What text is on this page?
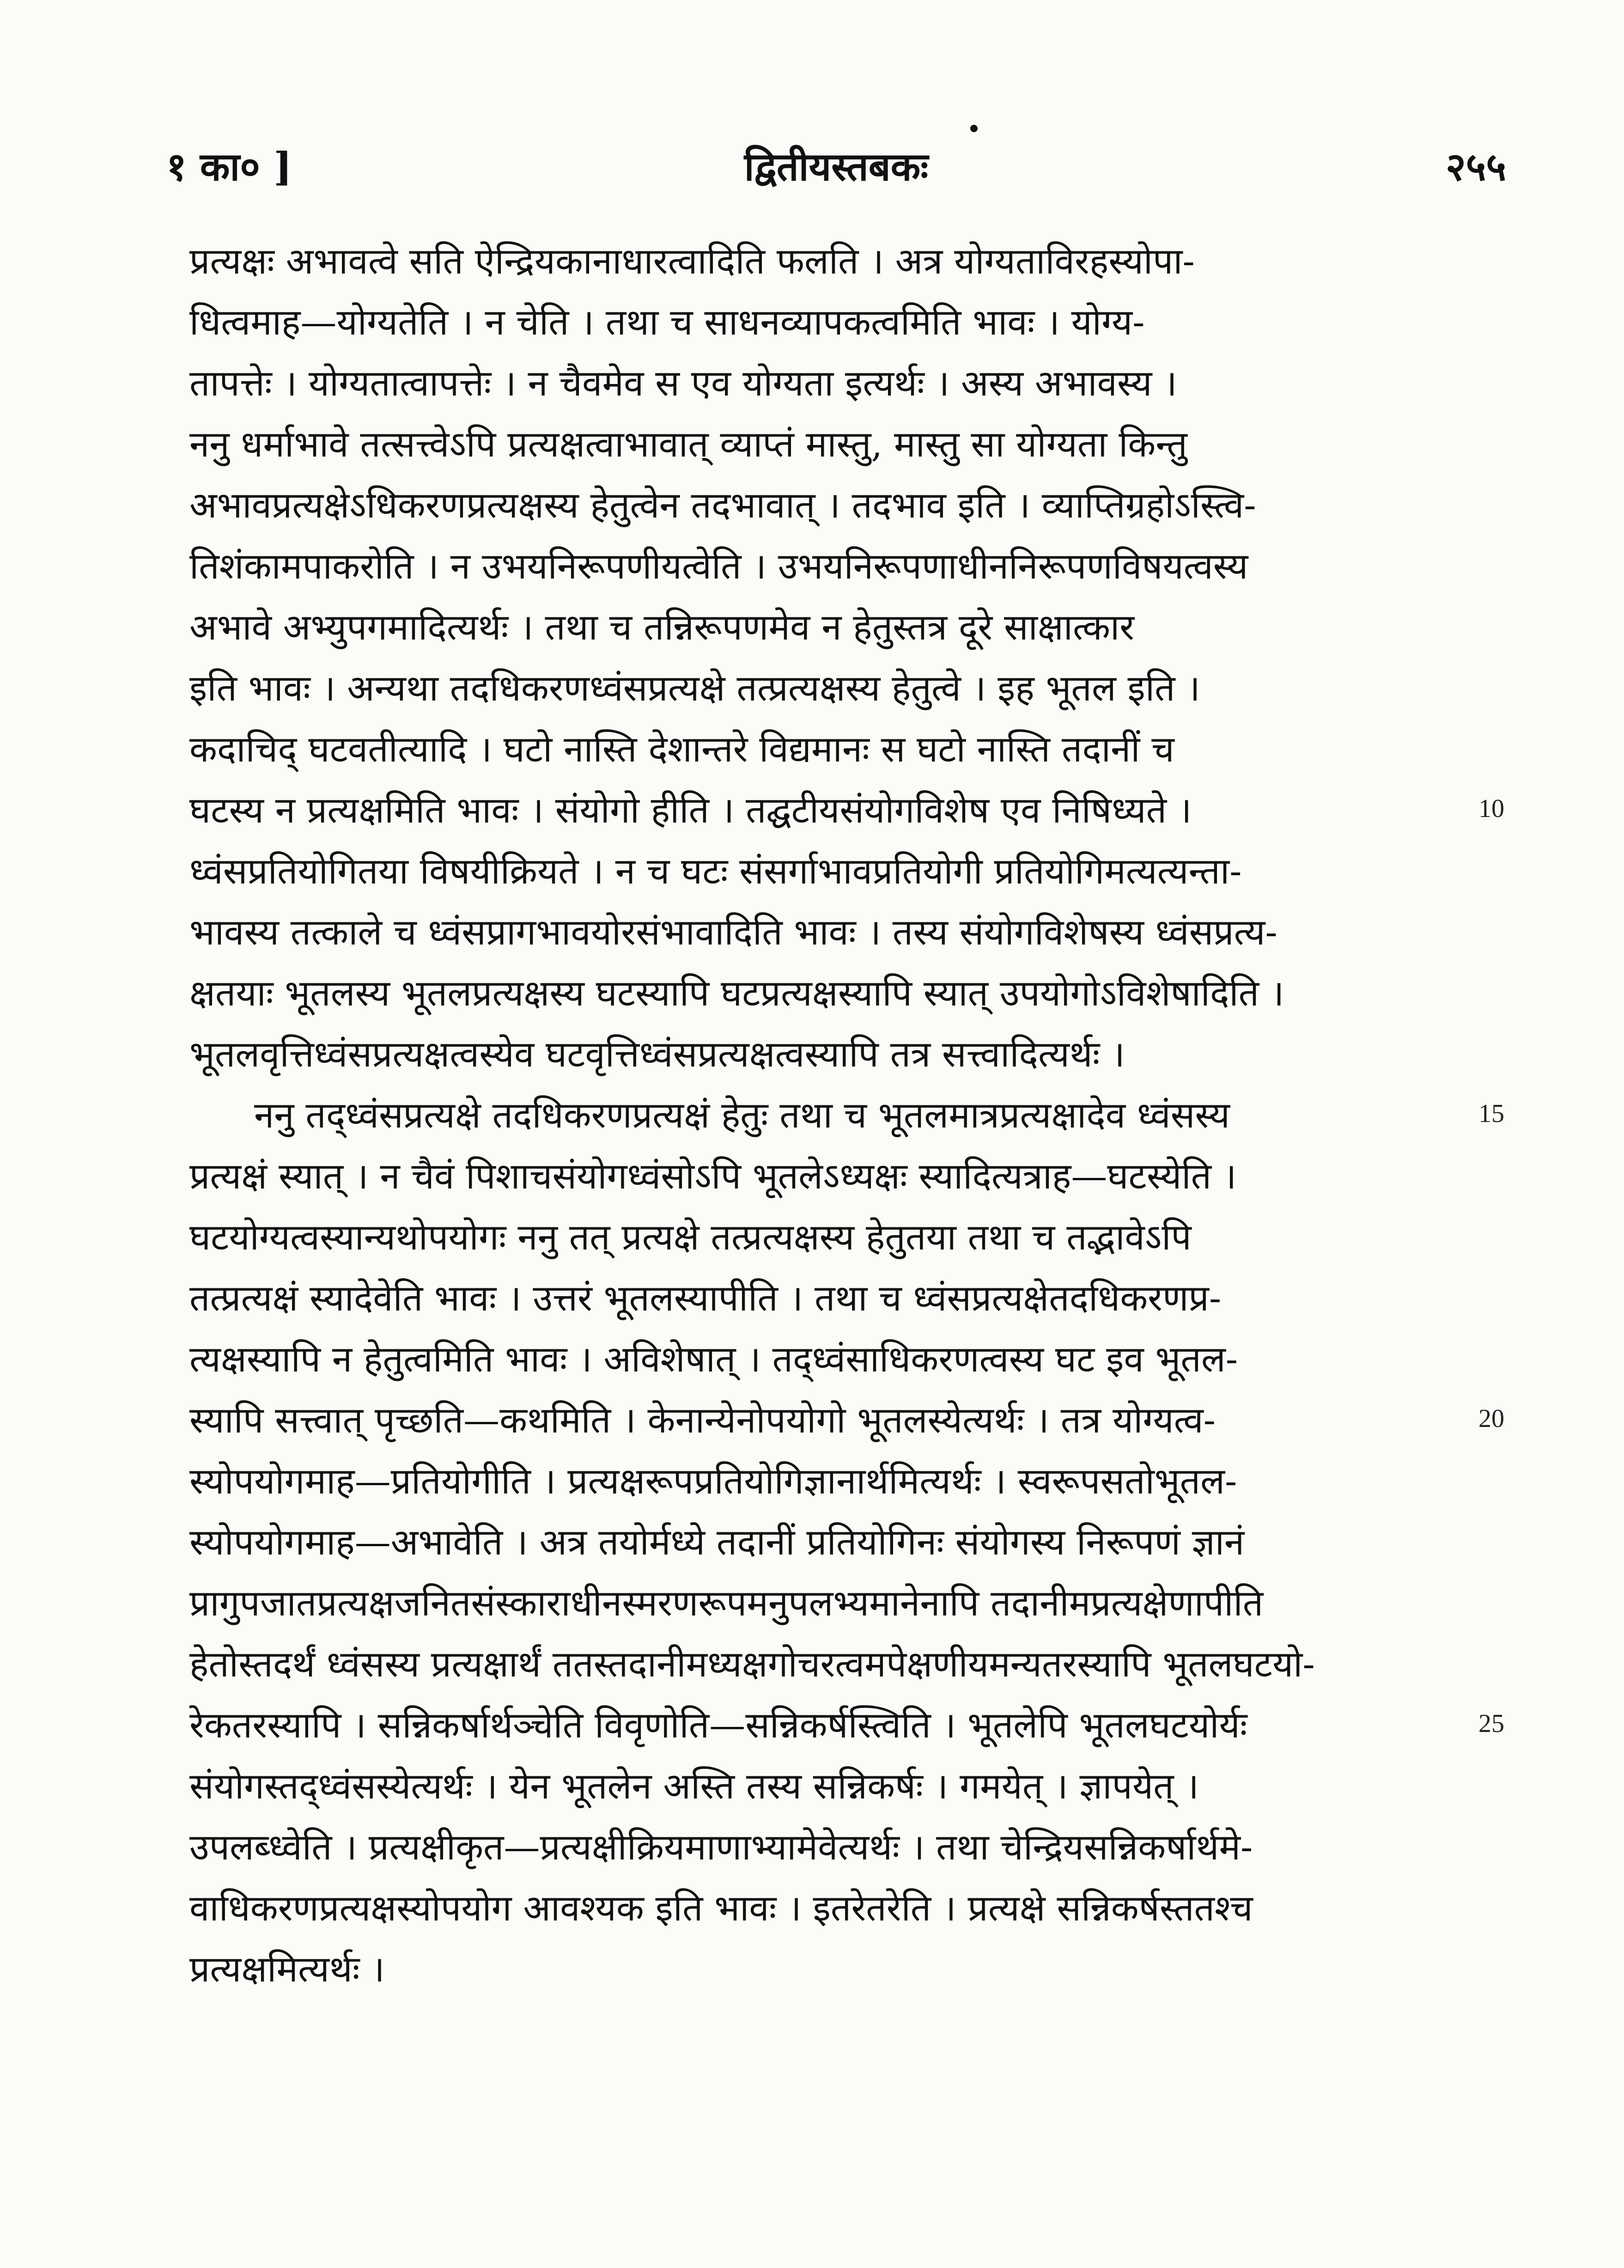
१ का० ]	द्वितीयस्तबकः	२५५
प्रत्यक्षः अभावत्वे सति ऐन्द्रियकानाधारत्वादिति फलति । अत्र योग्यताविरहस्योपा-
धित्वमाह—योग्यतेति । न चेति । तथा च साधनव्यापकत्वमिति भावः । योग्य-
तापत्तेः । योग्यतात्वापत्तेः । न चैवमेव स एव योग्यता इत्यर्थः । अस्य अभावस्य ।
ननु धर्माभावे तत्सत्त्वेऽपि प्रत्यक्षत्वाभावात् व्याप्तं मास्तु, मास्तु सा योग्यता किन्तु
अभावप्रत्यक्षेऽधिकरणप्रत्यक्षस्य हेतुत्वेन तदभावात् । तदभाव इति । व्याप्तिग्रहोऽस्त्वि-
तिशंकामपाकरोति । न उभयनिरूपणीयत्वेति । उभयनिरूपणाधीननिरूपणविषयत्वस्य
अभावे अभ्युपगमादित्यर्थः । तथा च तन्निरूपणमेव न हेतुस्तत्र दूरे साक्षात्कार
इति भावः । अन्यथा तदधिकरणध्वंसप्रत्यक्षे तत्प्रत्यक्षस्य हेतुत्वे । इह भूतल इति ।
कदाचिद् घटवतीत्यादि । घटो नास्ति देशान्तरे विद्यमानः स घटो नास्ति तदानीं च
घटस्य न प्रत्यक्षमिति भावः । संयोगो हीति । तद्घटीयसंयोगविशेष एव निषिध्यते ।
ध्वंसप्रतियोगितया विषयीक्रियते । न च घटः संसर्गाभावप्रतियोगी प्रतियोगिमत्यत्यन्ता-
भावस्य तत्काले च ध्वंसप्रागभावयोरसंभावादिति भावः । तस्य संयोगविशेषस्य ध्वंसप्रत्य-
क्षतयाः भूतलस्य भूतलप्रत्यक्षस्य घटस्यापि घटप्रत्यक्षस्यापि स्यात् उपयोगोऽविशेषादिति ।
भूतलवृत्तिध्वंसप्रत्यक्षत्वस्येव घटवृत्तिध्वंसप्रत्यक्षत्वस्यापि तत्र सत्त्वादित्यर्थः ।
ननु तद्ध्वंसप्रत्यक्षे तदधिकरणप्रत्यक्षं हेतुः तथा च भूतलमात्रप्रत्यक्षादेव ध्वंसस्य
प्रत्यक्षं स्यात् । न चैवं पिशाचसंयोगध्वंसोऽपि भूतलेऽध्यक्षः स्यादित्यत्राह—घटस्येति ।
घटयोग्यत्वस्यान्यथोपयोगः ननु तत् प्रत्यक्षे तत्प्रत्यक्षस्य हेतुतया तथा च तद्भावेऽपि
तत्प्रत्यक्षं स्यादेवेति भावः । उत्तरं भूतलस्यापीति । तथा च ध्वंसप्रत्यक्षेतदधिकरणप्र-
त्यक्षस्यापि न हेतुत्वमिति भावः । अविशेषात् । तद्ध्वंसाधिकरणत्वस्य घट इव भूतल-
स्यापि सत्त्वात् पृच्छति—कथमिति । केनान्येनोपयोगो भूतलस्येत्यर्थः । तत्र योग्यत्व-
स्योपयोगमाह—प्रतियोगीति । प्रत्यक्षरूपप्रतियोगिज्ञानार्थमित्यर्थः । स्वरूपसतोभूतल-
स्योपयोगमाह—अभावेति । अत्र तयोर्मध्ये तदानीं प्रतियोगिनः संयोगस्य निरूपणं ज्ञानं
प्रागुपजातप्रत्यक्षजनितसंस्काराधीनस्मरणरूपमनुपलभ्यमानेनापि तदानीमप्रत्यक्षेणापीति
हेतोस्तदर्थं ध्वंसस्य प्रत्यक्षार्थं ततस्तदानीमध्यक्षगोचरत्वमपेक्षणीयमन्यतरस्यापि भूतलघटयो-
रेकतरस्यापि । सन्निकर्षार्थञ्चेति विवृणोति—सन्निकर्षस्त्विति । भूतलेपि भूतलघटयोर्यः
संयोगस्तद्ध्वंसस्येत्यर्थः । येन भूतलेन अस्ति तस्य सन्निकर्षः । गमयेत् । ज्ञापयेत् ।
उपलब्ध्वेति । प्रत्यक्षीकृत—प्रत्यक्षीक्रियमाणाभ्यामेवेत्यर्थः । तथा चेन्द्रियसन्निकर्षार्थमे-
वाधिकरणप्रत्यक्षस्योपयोग आवश्यक इति भावः । इतरेतरेति । प्रत्यक्षे सन्निकर्षस्ततश्च
प्रत्यक्षमित्यर्थः ।
10
15
20
25
